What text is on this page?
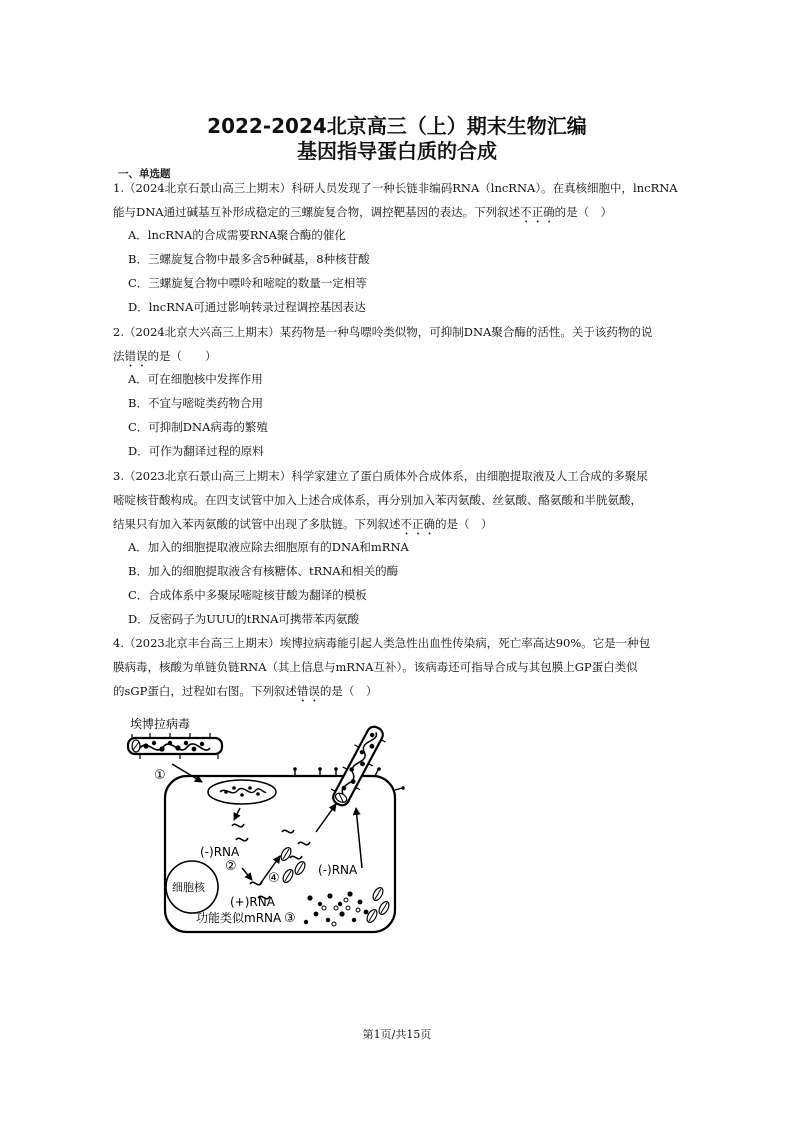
2022-2024北京高三（上）期末生物汇编
基因指导蛋白质的合成
一、单选题
1.（2024北京石景山高三上期末）科研人员发现了一种长链非编码RNA（lncRNA）。在真核细胞中，lncRNA
能与DNA通过碱基互补形成稳定的三螺旋复合物，调控靶基因的表达。下列叙述不正确的是（　）
A．lncRNA的合成需要RNA聚合酶的催化
B．三螺旋复合物中最多含5种碱基，8种核苷酸
C．三螺旋复合物中嘌呤和嘧啶的数量一定相等
D．lncRNA可通过影响转录过程调控基因表达
2.（2024北京大兴高三上期末）某药物是一种鸟嘌呤类似物，可抑制DNA聚合酶的活性。关于该药物的说
法错误的是（　　）
A．可在细胞核中发挥作用
B．不宜与嘧啶类药物合用
C．可抑制DNA病毒的繁殖
D．可作为翻译过程的原料
3.（2023北京石景山高三上期末）科学家建立了蛋白质体外合成体系，由细胞提取液及人工合成的多聚尿
嘧啶核苷酸构成。在四支试管中加入上述合成体系，再分别加入苯丙氨酸、丝氨酸、酪氨酸和半胱氨酸，
结果只有加入苯丙氨酸的试管中出现了多肽链。下列叙述不正确的是（　）
A．加入的细胞提取液应除去细胞原有的DNA和mRNA
B．加入的细胞提取液含有核糖体、tRNA和相关的酶
C．合成体系中多聚尿嘧啶核苷酸为翻译的模板
D．反密码子为UUU的tRNA可携带苯丙氨酸
4.（2023北京丰台高三上期末）埃博拉病毒能引起人类急性出血性传染病，死亡率高达90%。它是一种包
膜病毒，核酸为单链负链RNA（其上信息与mRNA互补）。该病毒还可指导合成与其包膜上GP蛋白类似
的sGP蛋白，过程如右图。下列叙述错误的是（　）
埃博拉病毒
①
(-)RNA
②
细胞核
(+)RNA
功能类似mRNA ③
④
(-)RNA
第1页/共15页
